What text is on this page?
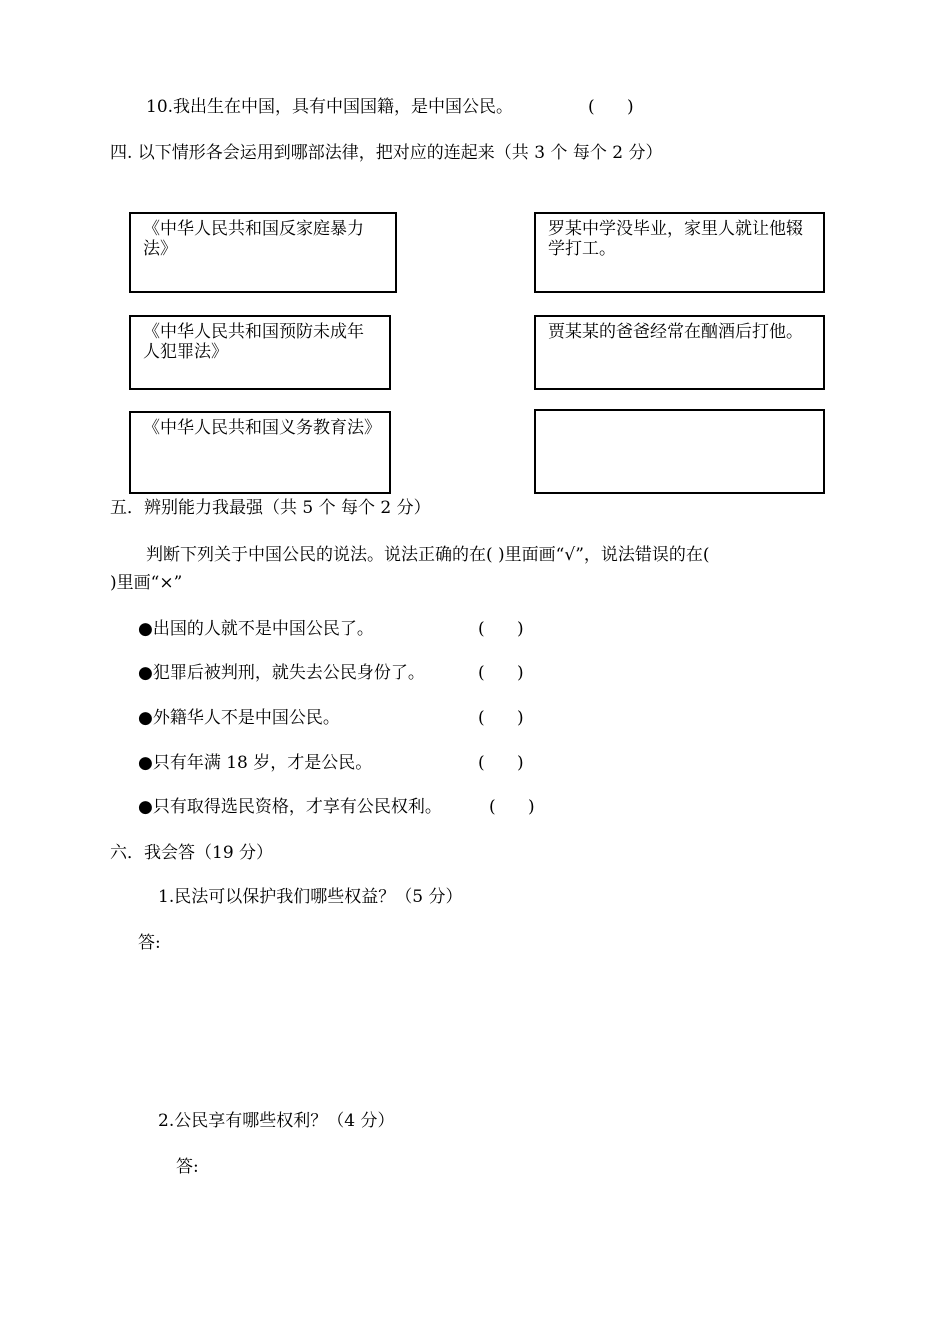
10.我出生在中国，具有中国国籍，是中国公民。	(      )
四. 以下情形各会运用到哪部法律，把对应的连起来（共 3 个 每个 2 分）
《中华人民共和国反家庭暴力法》
《中华人民共和国预防未成年人犯罪法》
《中华人民共和国义务教育法》
罗某中学没毕业，家里人就让他辍学打工。
贾某某的爸爸经常在酗酒后打他。
五．辨别能力我最强（共 5 个 每个 2 分）
判断下列关于中国公民的说法。说法正确的在( )里面画“√”，说法错误的在(
)里画“×”
●出国的人就不是中国公民了。	(      )
●犯罪后被判刑，就失去公民身份了。	(      )
●外籍华人不是中国公民。	(      )
●只有年满 18 岁，才是公民。	(      )
●只有取得选民资格，才享有公民权利。	(      )
六．我会答（19 分）
1.民法可以保护我们哪些权益？（5 分）
答:
2.公民享有哪些权利？（4 分）
答:
